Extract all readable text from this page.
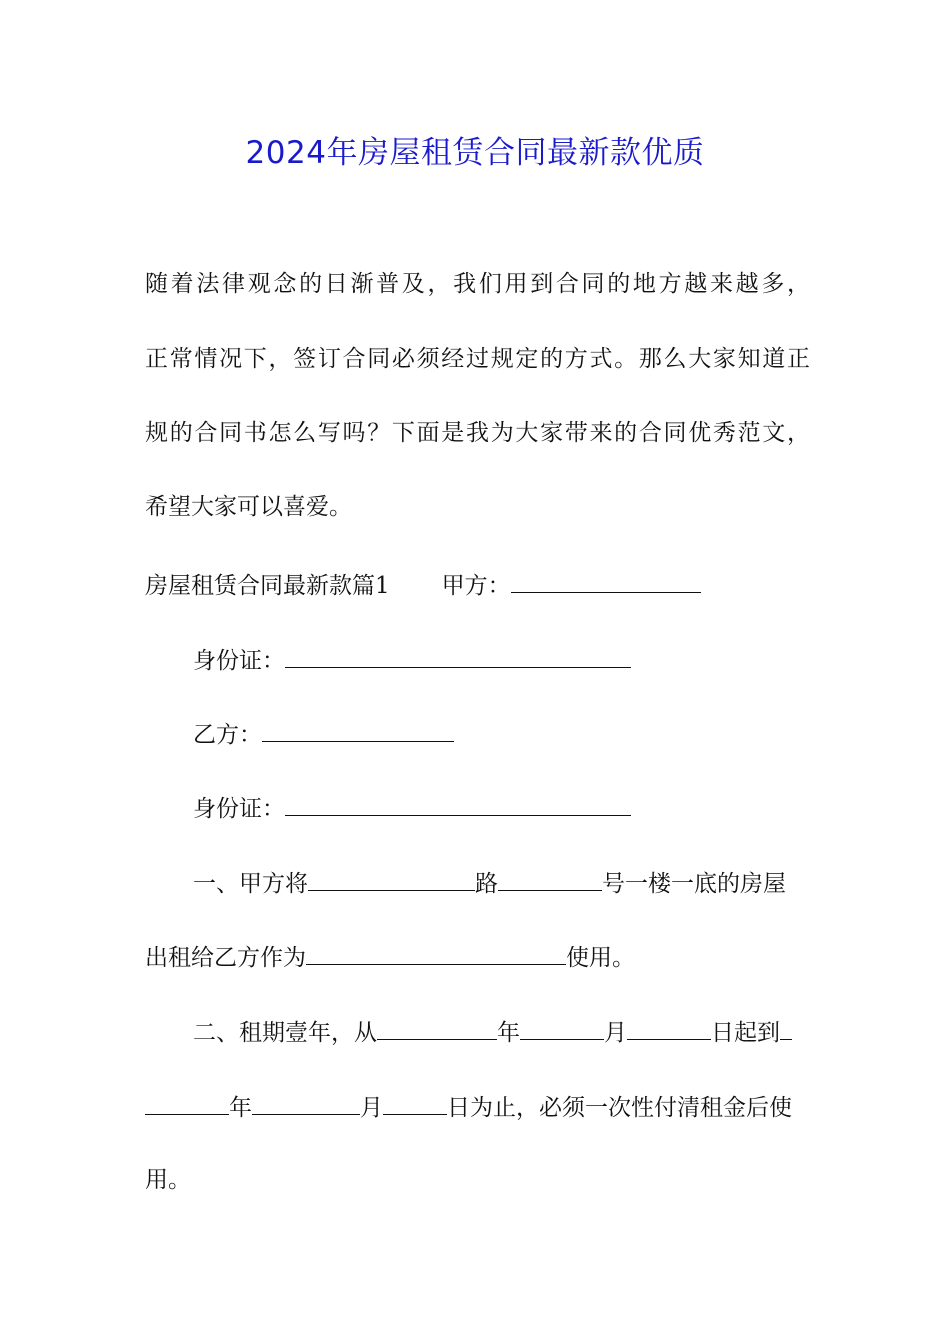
2024年房屋租赁合同最新款优质
随着法律观念的日渐普及，我们用到合同的地方越来越多，
正常情况下，签订合同必须经过规定的方式。那么大家知道正
规的合同书怎么写吗？下面是我为大家带来的合同优秀范文，
希望大家可以喜爱。
房屋租赁合同最新款篇1 甲方：
身份证：
乙方：
身份证：
一、甲方将	路	号一楼一底的房屋
出租给乙方作为	使用。
二、租期壹年，从	年	月	日起到
年	月	日为止，必须一次性付清租金后使
用。
